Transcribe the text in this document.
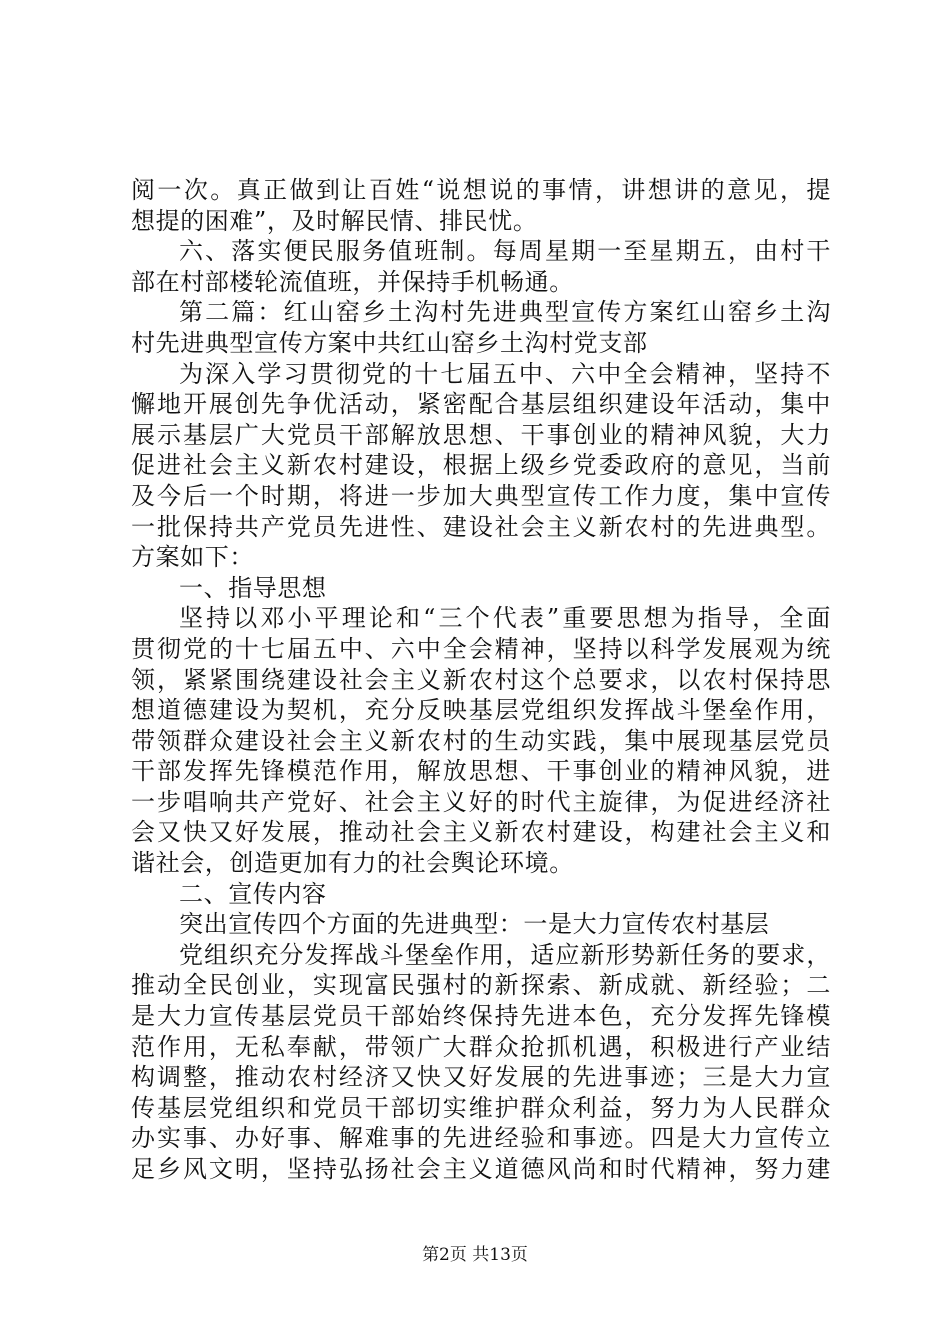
阅一次。真正做到让百姓“说想说的事情，讲想讲的意见，提
想提的困难”，及时解民情、排民忧。
六、落实便民服务值班制。每周星期一至星期五，由村干
部在村部楼轮流值班，并保持手机畅通。
第二篇：红山窑乡土沟村先进典型宣传方案红山窑乡土沟
村先进典型宣传方案中共红山窑乡土沟村党支部
为深入学习贯彻党的十七届五中、六中全会精神，坚持不
懈地开展创先争优活动，紧密配合基层组织建设年活动，集中
展示基层广大党员干部解放思想、干事创业的精神风貌，大力
促进社会主义新农村建设，根据上级乡党委政府的意见，当前
及今后一个时期，将进一步加大典型宣传工作力度，集中宣传
一批保持共产党员先进性、建设社会主义新农村的先进典型。
方案如下：
一、指导思想
坚持以邓小平理论和“三个代表”重要思想为指导，全面
贯彻党的十七届五中、六中全会精神，坚持以科学发展观为统
领，紧紧围绕建设社会主义新农村这个总要求，以农村保持思
想道德建设为契机，充分反映基层党组织发挥战斗堡垒作用，
带领群众建设社会主义新农村的生动实践，集中展现基层党员
干部发挥先锋模范作用，解放思想、干事创业的精神风貌，进
一步唱响共产党好、社会主义好的时代主旋律，为促进经济社
会又快又好发展，推动社会主义新农村建设，构建社会主义和
谐社会，创造更加有力的社会舆论环境。
二、宣传内容
突出宣传四个方面的先进典型：一是大力宣传农村基层
党组织充分发挥战斗堡垒作用，适应新形势新任务的要求，
推动全民创业，实现富民强村的新探索、新成就、新经验；二
是大力宣传基层党员干部始终保持先进本色，充分发挥先锋模
范作用，无私奉献，带领广大群众抢抓机遇，积极进行产业结
构调整，推动农村经济又快又好发展的先进事迹；三是大力宣
传基层党组织和党员干部切实维护群众利益，努力为人民群众
办实事、办好事、解难事的先进经验和事迹。四是大力宣传立
足乡风文明，坚持弘扬社会主义道德风尚和时代精神，努力建
第2页 共13页
